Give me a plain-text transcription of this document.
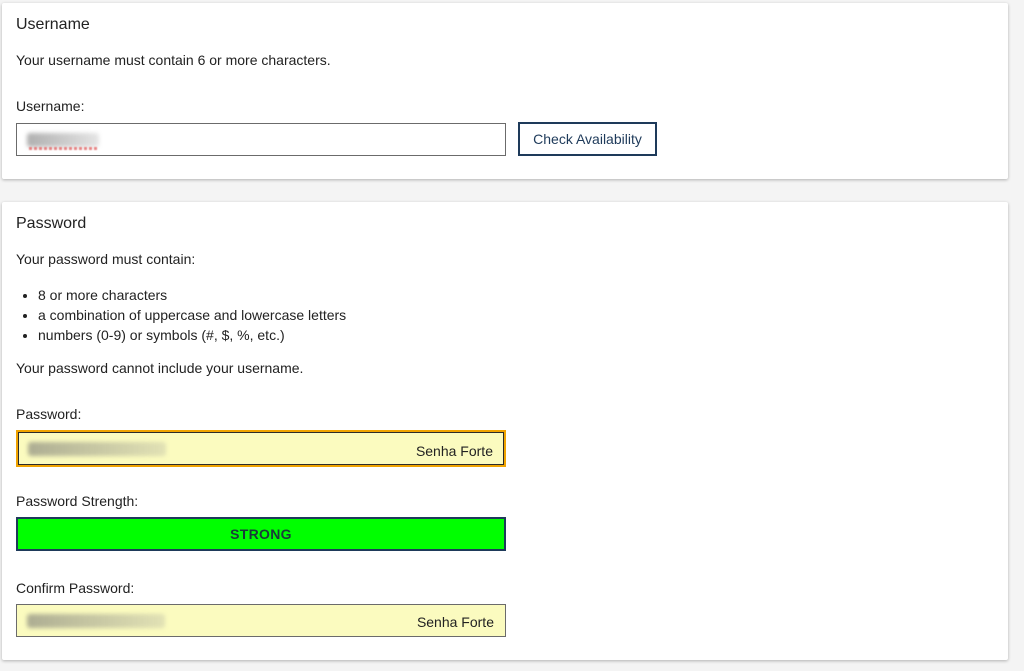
Username
Your username must contain 6 or more characters.
Username:
Check Availability
Password
Your password must contain:
• 8 or more characters
• a combination of uppercase and lowercase letters
• numbers (0-9) or symbols (#, $, %, etc.)
Your password cannot include your username.
Password:
Senha Forte
Password Strength:
STRONG
Confirm Password:
Senha Forte
